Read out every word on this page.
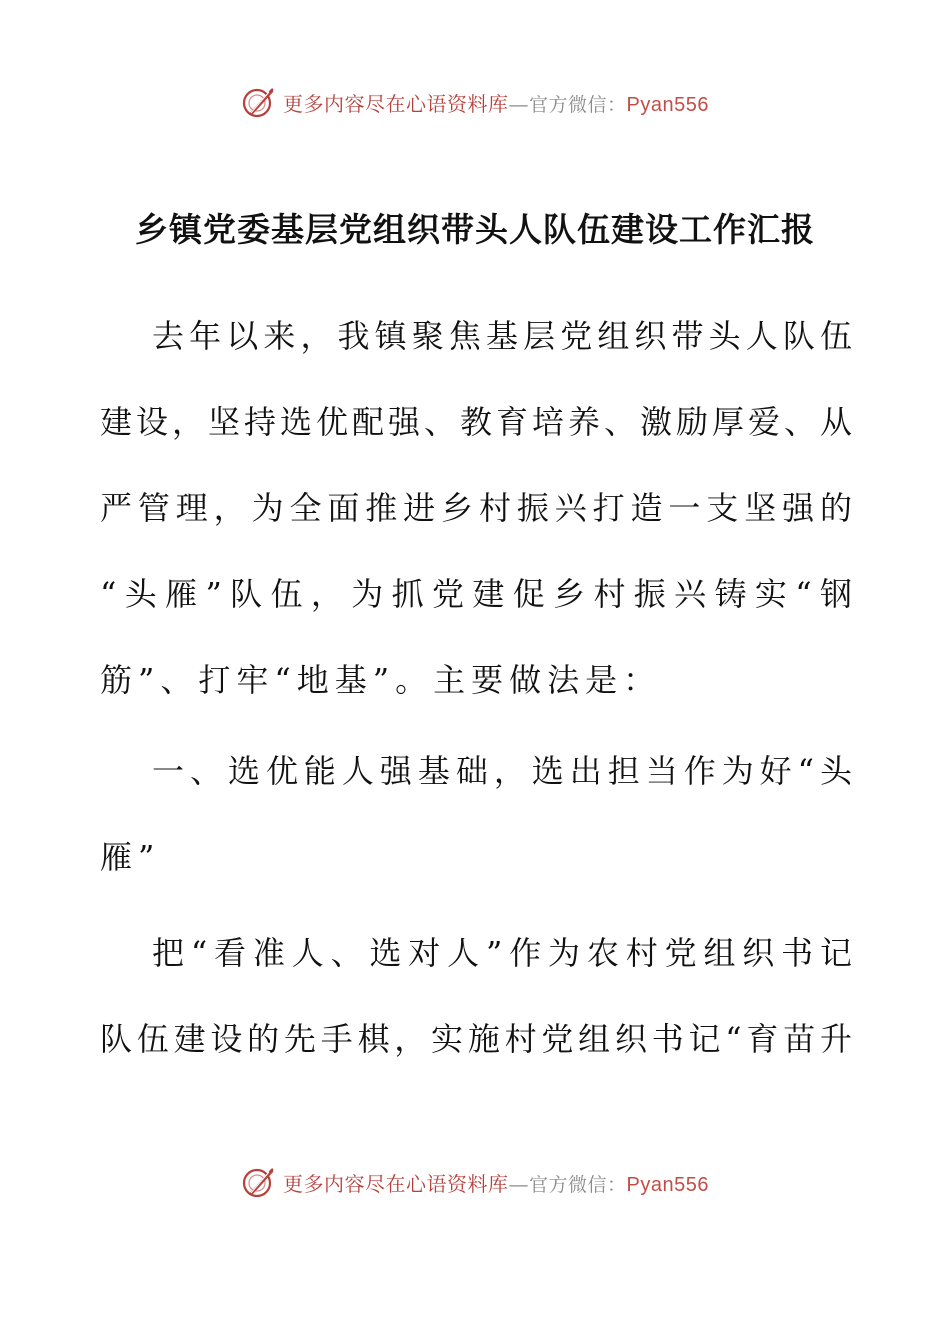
更多内容尽在心语资料库—官方微信：Pyan556
乡镇党委基层党组织带头人队伍建设工作汇报
去年以来，我镇聚焦基层党组织带头人队伍
建设，坚持选优配强、教育培养、激励厚爱、从
严管理，为全面推进乡村振兴打造一支坚强的
“头雁”队伍，为抓党建促乡村振兴铸实“钢
筋”、打牢“地基”。主要做法是：
一、选优能人强基础，选出担当作为好“头
雁”
把“看准人、选对人”作为农村党组织书记
队伍建设的先手棋，实施村党组织书记“育苗升
更多内容尽在心语资料库—官方微信：Pyan556
